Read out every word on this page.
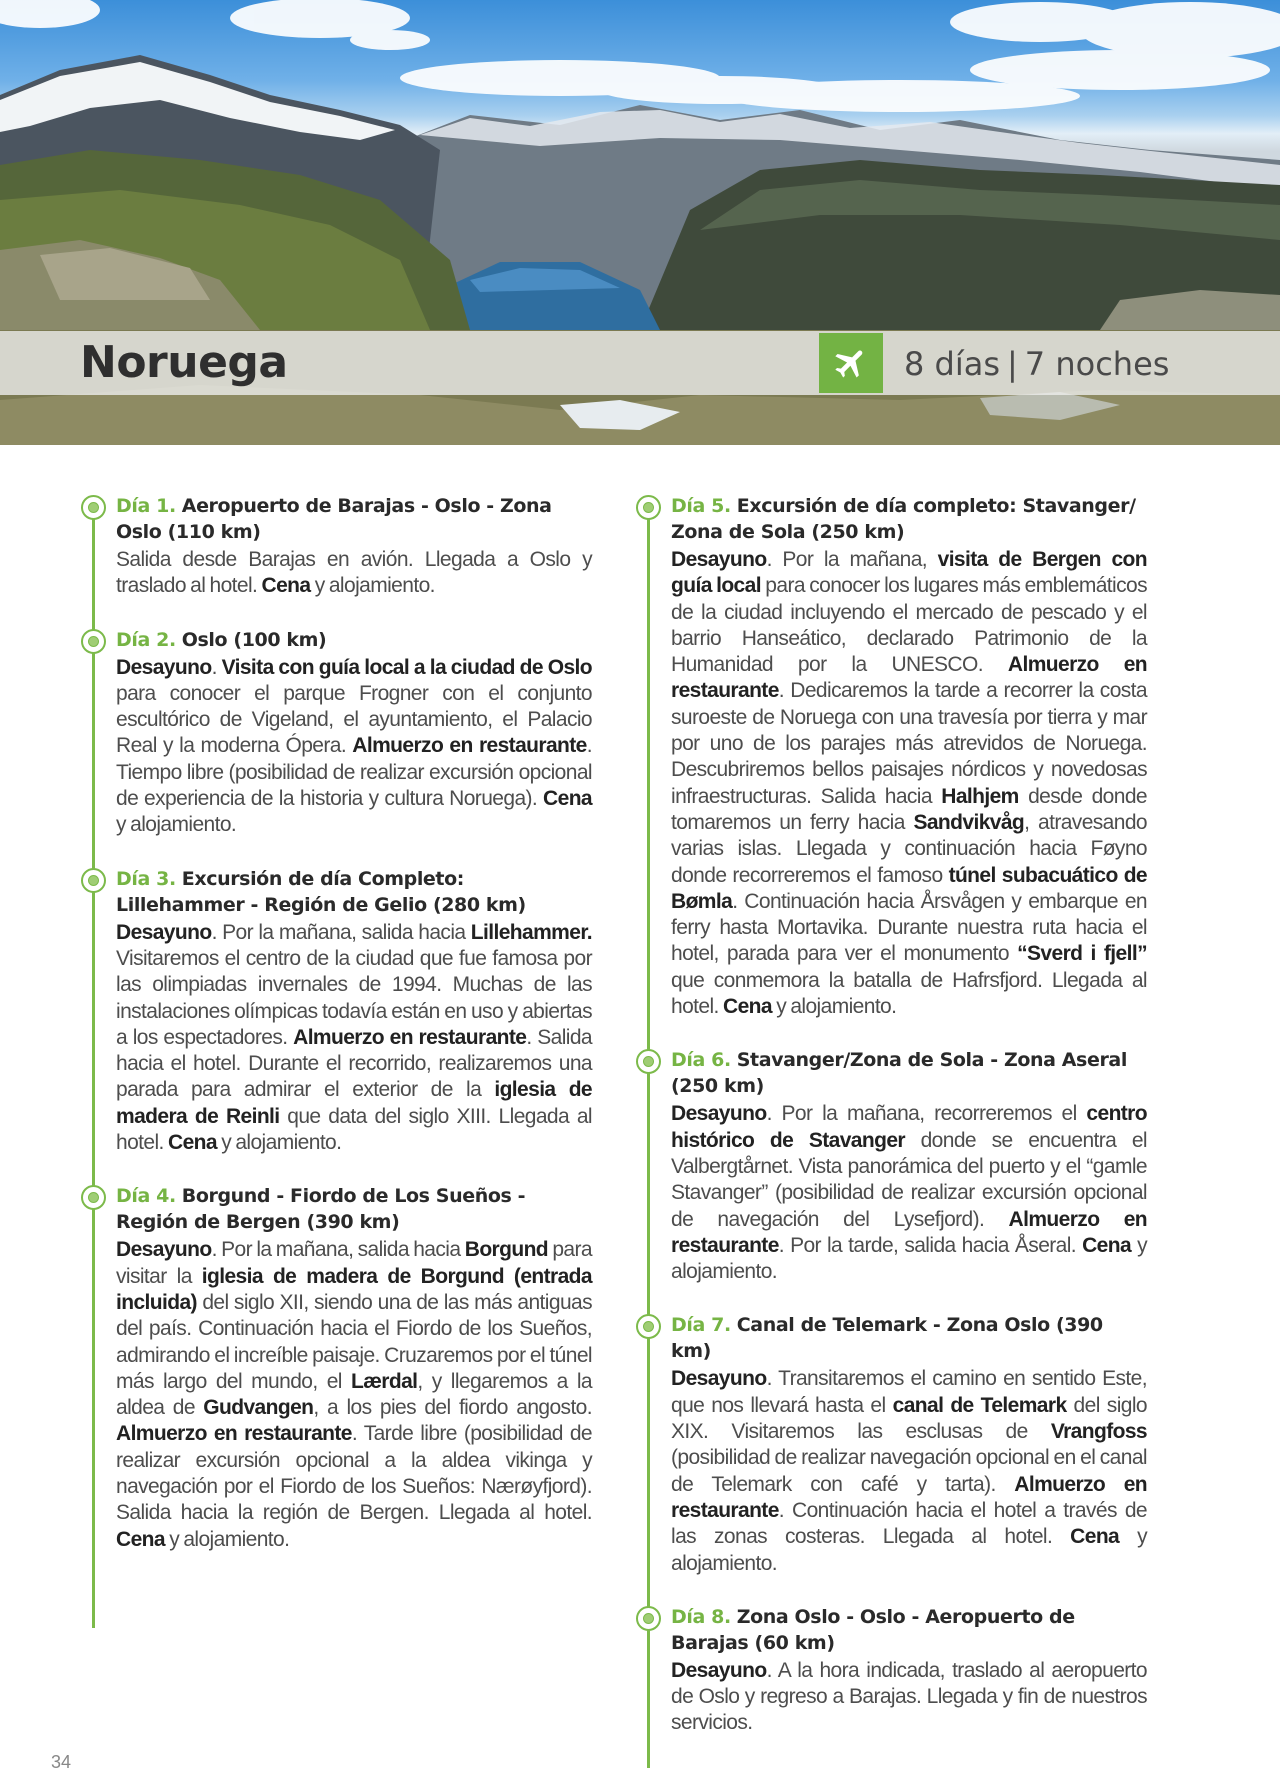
Noruega	8 días | 7 noches
Día 1. Aeropuerto de Barajas - Oslo - Zona Oslo (110 km)

Salida desde Barajas en avión. Llegada a Oslo y traslado al hotel. Cena y alojamiento.

Día 2. Oslo (100 km)

Desayuno. Visita con guía local a la ciudad de Oslo para conocer el parque Frogner con el conjunto escultórico de Vigeland, el ayuntamiento, el Palacio Real y la moderna Ópera. Almuerzo en restaurante. Tiempo libre (posibilidad de realizar excursión opcional de experiencia de la historia y cultura Noruega). Cena y alojamiento.

Día 3. Excursión de día Completo: Lillehammer - Región de Gelio (280 km)

Desayuno. Por la mañana, salida hacia Lillehammer. Visitaremos el centro de la ciudad que fue famosa por las olimpiadas invernales de 1994. Muchas de las instalaciones olímpicas todavía están en uso y abiertas a los espectadores. Almuerzo en restaurante. Salida hacia el hotel. Durante el recorrido, realizaremos una parada para admirar el exterior de la iglesia de madera de Reinli que data del siglo XIII. Llegada al hotel. Cena y alojamiento.

Día 4. Borgund - Fiordo de Los Sueños - Región de Bergen (390 km)

Desayuno. Por la mañana, salida hacia Borgund para visitar la iglesia de madera de Borgund (entrada incluida) del siglo XII, siendo una de las más antiguas del país. Continuación hacia el Fiordo de los Sueños, admirando el increíble paisaje. Cruzaremos por el túnel más largo del mundo, el Lærdal, y llegaremos a la aldea de Gudvangen, a los pies del fiordo angosto. Almuerzo en restaurante. Tarde libre (posibilidad de realizar excursión opcional a la aldea vikinga y navegación por el Fiordo de los Sueños: Nærøyfjord). Salida hacia la región de Bergen. Llegada al hotel. Cena y alojamiento.

Día 5. Excursión de día completo: Stavanger/ Zona de Sola (250 km)

Desayuno. Por la mañana, visita de Bergen con guía local para conocer los lugares más emblemáticos de la ciudad incluyendo el mercado de pescado y el barrio Hanseático, declarado Patrimonio de la Humanidad por la UNESCO. Almuerzo en restaurante. Dedicaremos la tarde a recorrer la costa suroeste de Noruega con una travesía por tierra y mar por uno de los parajes más atrevidos de Noruega. Descubriremos bellos paisajes nórdicos y novedosas infraestructuras. Salida hacia Halhjem desde donde tomaremos un ferry hacia Sandvikvåg, atravesando varias islas. Llegada y continuación hacia Føyno donde recorreremos el famoso túnel subacuático de Bømla. Continuación hacia Årsvågen y embarque en ferry hasta Mortavika. Durante nuestra ruta hacia el hotel, parada para ver el monumento “Sverd i fjell” que conmemora la batalla de Hafrsfjord. Llegada al hotel. Cena y alojamiento.

Día 6. Stavanger/Zona de Sola - Zona Aseral (250 km)

Desayuno. Por la mañana, recorreremos el centro histórico de Stavanger donde se encuentra el Valbergtårnet. Vista panorámica del puerto y el “gamle Stavanger” (posibilidad de realizar excursión opcional de navegación del Lysefjord). Almuerzo en restaurante. Por la tarde, salida hacia Åseral. Cena y alojamiento.

Día 7. Canal de Telemark - Zona Oslo (390 km)

Desayuno. Transitaremos el camino en sentido Este, que nos llevará hasta el canal de Telemark del siglo XIX. Visitaremos las esclusas de Vrangfoss (posibilidad de realizar navegación opcional en el canal de Telemark con café y tarta). Almuerzo en restaurante. Continuación hacia el hotel a través de las zonas costeras. Llegada al hotel. Cena y alojamiento.

Día 8. Zona Oslo - Oslo - Aeropuerto de Barajas (60 km)

Desayuno. A la hora indicada, traslado al aeropuerto de Oslo y regreso a Barajas. Llegada y fin de nuestros servicios.

34
